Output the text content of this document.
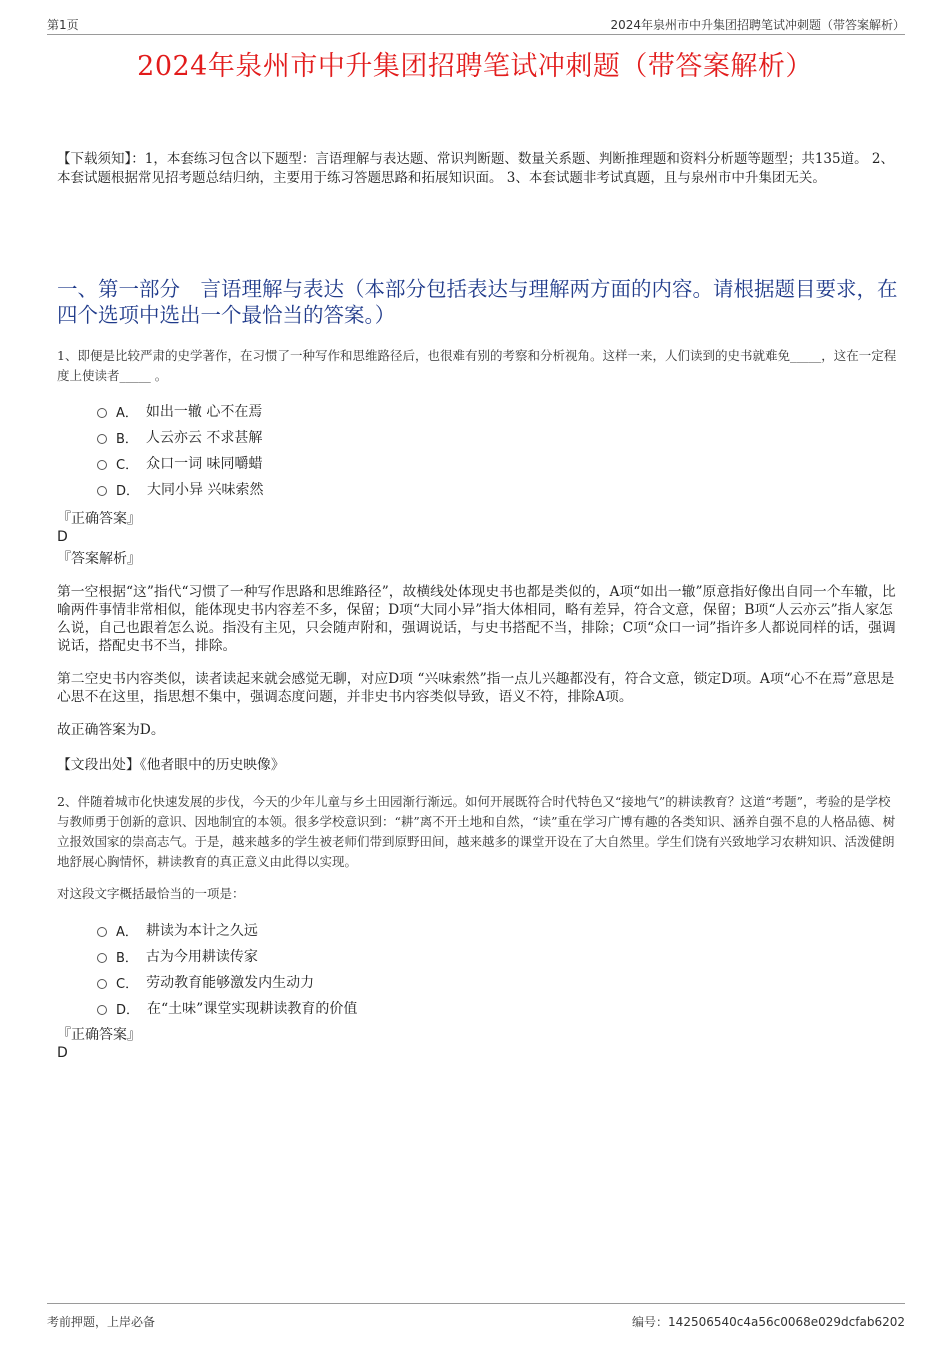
第1页	2024年泉州市中升集团招聘笔试冲刺题（带答案解析）
2024年泉州市中升集团招聘笔试冲刺题（带答案解析）
【下载须知】：1，本套练习包含以下题型：言语理解与表达题、常识判断题、数量关系题、判断推理题和资料分析题等题型；共135道。 2、本套试题根据常见招考题总结归纳，主要用于练习答题思路和拓展知识面。 3、本套试题非考试真题，且与泉州市中升集团无关。
一、第一部分　言语理解与表达（本部分包括表达与理解两方面的内容。请根据题目要求，在四个选项中选出一个最恰当的答案。）
1、即便是比较严肃的史学著作，在习惯了一种写作和思维路径后，也很难有别的考察和分析视角。这样一来，人们读到的史书就难免_____，这在一定程度上使读者_____ 。
A． 如出一辙 心不在焉
B． 人云亦云 不求甚解
C． 众口一词 味同嚼蜡
D． 大同小异 兴味索然
『正确答案』
D
『答案解析』
第一空根据“这”指代“习惯了一种写作思路和思维路径”，故横线处体现史书也都是类似的，A项“如出一辙”原意指好像出自同一个车辙，比喻两件事情非常相似，能体现史书内容差不多，保留；D项“大同小异”指大体相同，略有差异，符合文意，保留；B项“人云亦云”指人家怎么说，自己也跟着怎么说。指没有主见，只会随声附和，强调说话，与史书搭配不当，排除；C项“众口一词”指许多人都说同样的话，强调说话，搭配史书不当，排除。
第二空史书内容类似，读者读起来就会感觉无聊，对应D项 “兴味索然”指一点儿兴趣都没有，符合文意，锁定D项。A项“心不在焉”意思是心思不在这里，指思想不集中，强调态度问题，并非史书内容类似导致，语义不符，排除A项。
故正确答案为D。
【文段出处】《他者眼中的历史映像》
2、伴随着城市化快速发展的步伐，今天的少年儿童与乡土田园渐行渐远。如何开展既符合时代特色又“接地气”的耕读教育？这道“考题”，考验的是学校与教师勇于创新的意识、因地制宜的本领。很多学校意识到：“耕”离不开土地和自然，“读”重在学习广博有趣的各类知识、涵养自强不息的人格品德、树立报效国家的崇高志气。于是，越来越多的学生被老师们带到原野田间，越来越多的课堂开设在了大自然里。学生们饶有兴致地学习农耕知识、活泼健朗地舒展心胸情怀，耕读教育的真正意义由此得以实现。
对这段文字概括最恰当的一项是：
A． 耕读为本计之久远
B． 古为今用耕读传家
C． 劳动教育能够激发内生动力
D． 在“土味”课堂实现耕读教育的价值
『正确答案』
D
考前押题，上岸必备	编号：142506540c4a56c0068e029dcfab6202
